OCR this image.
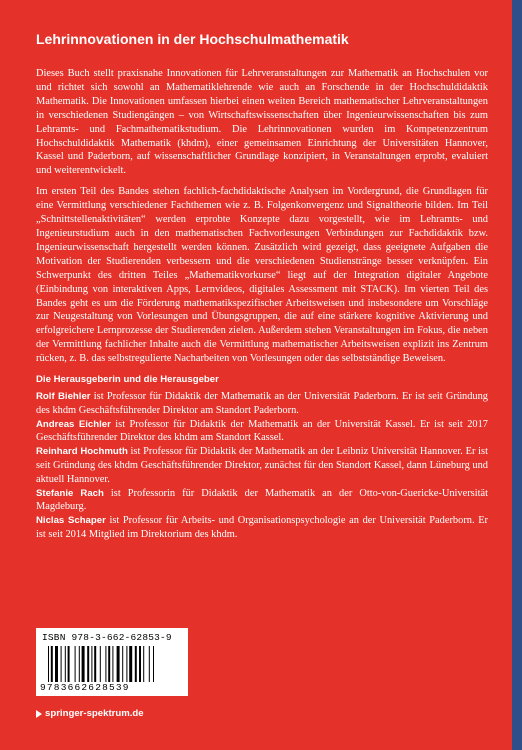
Lehrinnovationen in der Hochschulmathematik

Dieses Buch stellt praxisnahe Innovationen für Lehrveranstaltungen zur Mathematik an Hochschulen vor und richtet sich sowohl an Mathematiklehrende wie auch an Forschende in der Hochschuldidaktik Mathematik. Die Innovationen umfassen hierbei einen weiten Bereich mathematischer Lehrveranstaltungen in verschiedenen Studiengängen – von Wirtschaftswissenschaften über Ingenieurwissenschaften bis zum Lehramts- und Fachmathematikstudium. Die Lehrinnovationen wurden im Kompetenzzentrum Hochschuldidaktik Mathematik (khdm), einer gemeinsamen Einrichtung der Universitäten Hannover, Kassel und Paderborn, auf wissenschaftlicher Grundlage konzipiert, in Veranstaltungen erprobt, evaluiert und weiterentwickelt.

Im ersten Teil des Bandes stehen fachlich-fachdidaktische Analysen im Vordergrund, die Grundlagen für eine Vermittlung verschiedener Fachthemen wie z. B. Folgenkonvergenz und Signaltheorie bilden. Im Teil „Schnittstellenaktivitäten“ werden erprobte Konzepte dazu vorgestellt, wie im Lehramts- und Ingenieurstudium auch in den mathematischen Fachvorlesungen Verbindungen zur Fachdidaktik bzw. Ingenieurwissenschaft hergestellt werden können. Zusätzlich wird gezeigt, dass geeignete Aufgaben die Motivation der Studierenden verbessern und die verschiedenen Studienstränge besser verknüpfen. Ein Schwerpunkt des dritten Teiles „Mathematikvorkurse“ liegt auf der Integration digitaler Angebote (Einbindung von interaktiven Apps, Lernvideos, digitales Assessment mit STACK). Im vierten Teil des Bandes geht es um die Förderung mathematikspezifischer Arbeitsweisen und insbesondere um Vorschläge zur Neugestaltung von Vorlesungen und Übungsgruppen, die auf eine stärkere kognitive Aktivierung und erfolgreichere Lernprozesse der Studierenden zielen. Außerdem stehen Veranstaltungen im Fokus, die neben der Vermittlung fachlicher Inhalte auch die Vermittlung mathematischer Arbeitsweisen explizit ins Zentrum rücken, z. B. das selbstregulierte Nacharbeiten von Vorlesungen oder das selbstständige Beweisen.

Die Herausgeberin und die Herausgeber

Rolf Biehler ist Professor für Didaktik der Mathematik an der Universität Paderborn. Er ist seit Gründung des khdm Geschäftsführender Direktor am Standort Paderborn.

Andreas Eichler ist Professor für Didaktik der Mathematik an der Universität Kassel. Er ist seit 2017 Geschäftsführender Direktor des khdm am Standort Kassel.

Reinhard Hochmuth ist Professor für Didaktik der Mathematik an der Leibniz Universität Hannover. Er ist seit Gründung des khdm Geschäftsführender Direktor, zunächst für den Standort Kassel, dann Lüneburg und aktuell Hannover.

Stefanie Rach ist Professorin für Didaktik der Mathematik an der Otto-von-Guericke-Universität Magdeburg.

Niclas Schaper ist Professor für Arbeits- und Organisationspsychologie an der Universität Paderborn. Er ist seit 2014 Mitglied im Direktorium des khdm.

ISBN 978-3-662-62853-9
9783662628539
springer-spektrum.de
